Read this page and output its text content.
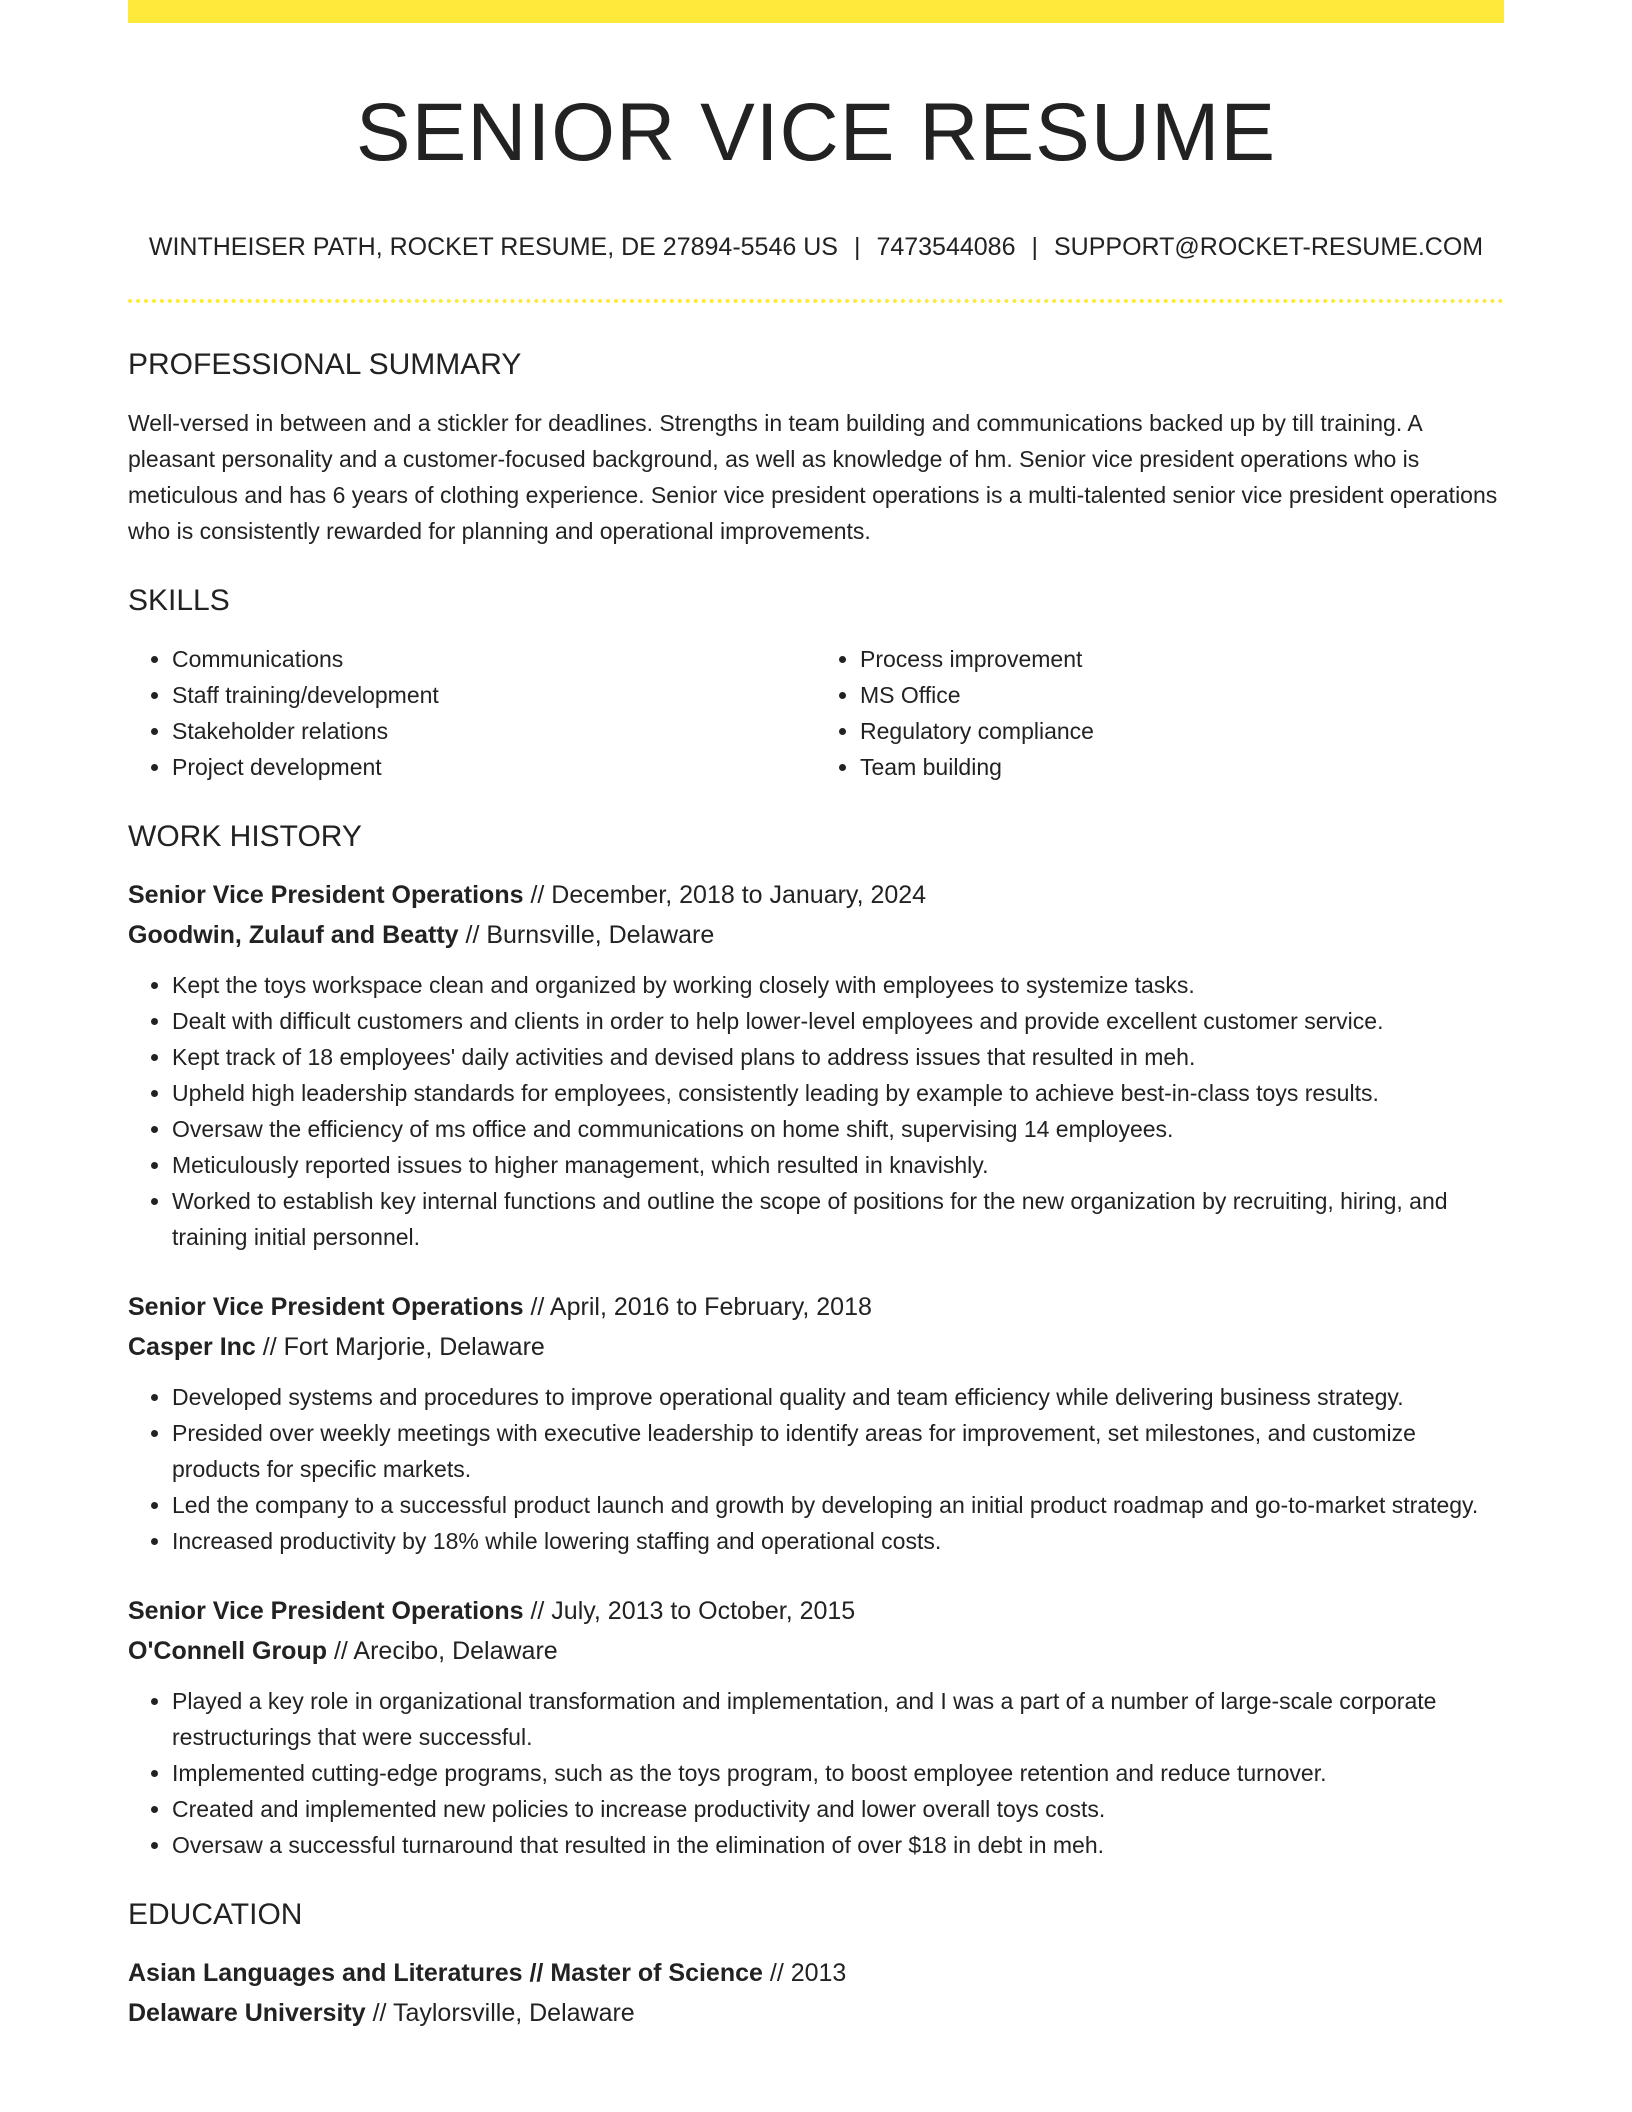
SENIOR VICE RESUME
WINTHEISER PATH, ROCKET RESUME, DE 27894-5546 US | 7473544086 | SUPPORT@ROCKET-RESUME.COM
PROFESSIONAL SUMMARY

Well-versed in between and a stickler for deadlines. Strengths in team building and communications backed up by till training. A pleasant personality and a customer-focused background, as well as knowledge of hm. Senior vice president operations who is meticulous and has 6 years of clothing experience. Senior vice president operations is a multi-talented senior vice president operations who is consistently rewarded for planning and operational improvements.

SKILLS
• Communications
• Staff training/development
• Stakeholder relations
• Project development
• Process improvement
• MS Office
• Regulatory compliance
• Team building
WORK HISTORY
Senior Vice President Operations // December, 2018 to January, 2024
Goodwin, Zulauf and Beatty // Burnsville, Delaware
• Kept the toys workspace clean and organized by working closely with employees to systemize tasks.
• Dealt with difficult customers and clients in order to help lower-level employees and provide excellent customer service.
• Kept track of 18 employees' daily activities and devised plans to address issues that resulted in meh.
• Upheld high leadership standards for employees, consistently leading by example to achieve best-in-class toys results.
• Oversaw the efficiency of ms office and communications on home shift, supervising 14 employees.
• Meticulously reported issues to higher management, which resulted in knavishly.
• Worked to establish key internal functions and outline the scope of positions for the new organization by recruiting, hiring, and training initial personnel.
Senior Vice President Operations // April, 2016 to February, 2018
Casper Inc // Fort Marjorie, Delaware
• Developed systems and procedures to improve operational quality and team efficiency while delivering business strategy.
• Presided over weekly meetings with executive leadership to identify areas for improvement, set milestones, and customize products for specific markets.
• Led the company to a successful product launch and growth by developing an initial product roadmap and go-to-market strategy.
• Increased productivity by 18% while lowering staffing and operational costs.
Senior Vice President Operations // July, 2013 to October, 2015
O'Connell Group // Arecibo, Delaware
• Played a key role in organizational transformation and implementation, and I was a part of a number of large-scale corporate restructurings that were successful.
• Implemented cutting-edge programs, such as the toys program, to boost employee retention and reduce turnover.
• Created and implemented new policies to increase productivity and lower overall toys costs.
• Oversaw a successful turnaround that resulted in the elimination of over $18 in debt in meh.
EDUCATION
Asian Languages and Literatures // Master of Science // 2013
Delaware University // Taylorsville, Delaware
